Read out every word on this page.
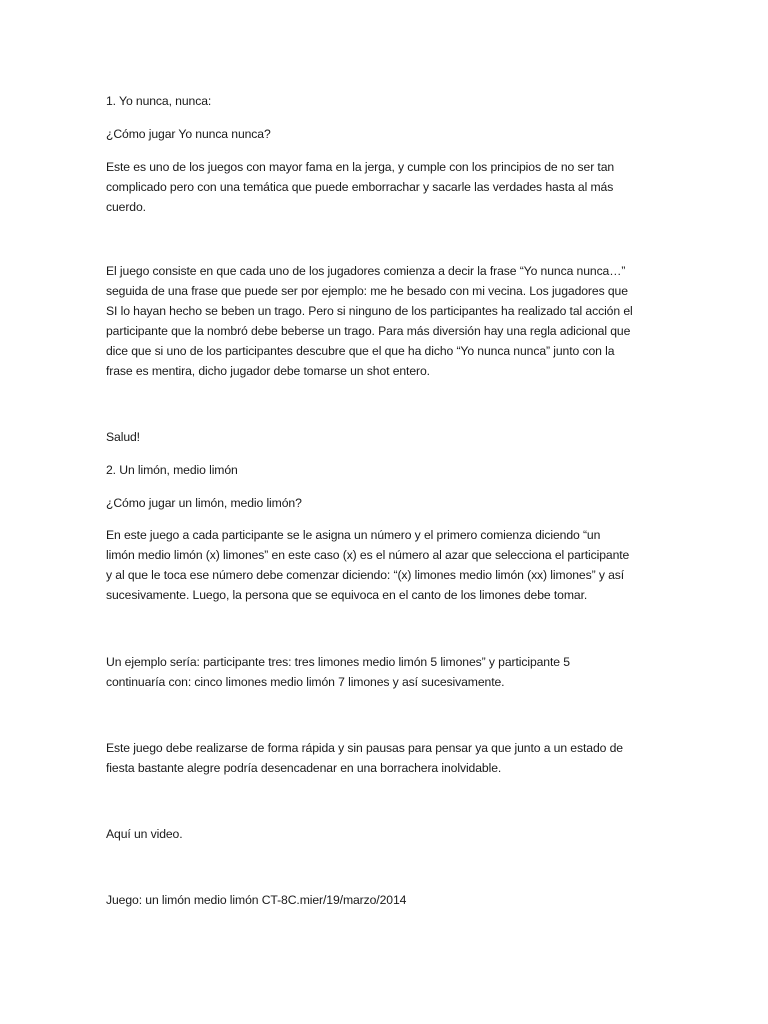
1. Yo nunca, nunca:

¿Cómo jugar Yo nunca nunca?

Este es uno de los juegos con mayor fama en la jerga, y cumple con los principios de no ser tan

complicado pero con una temática que puede emborrachar y sacarle las verdades hasta al más

cuerdo.

El juego consiste en que cada uno de los jugadores comienza a decir la frase “Yo nunca nunca…”

seguida de una frase que puede ser por ejemplo: me he besado con mi vecina. Los jugadores que

SI lo hayan hecho se beben un trago. Pero si ninguno de los participantes ha realizado tal acción el

participante que la nombró debe beberse un trago. Para más diversión hay una regla adicional que

dice que si uno de los participantes descubre que el que ha dicho “Yo nunca nunca” junto con la

frase es mentira, dicho jugador debe tomarse un shot entero.

Salud!

2. Un limón, medio limón

¿Cómo jugar un limón, medio limón?

En este juego a cada participante se le asigna un número y el primero comienza diciendo “un

limón medio limón (x) limones” en este caso (x) es el número al azar que selecciona el participante

y al que le toca ese número debe comenzar diciendo: “(x) limones medio limón (xx) limones” y así

sucesivamente. Luego, la persona que se equivoca en el canto de los limones debe tomar.

Un ejemplo sería: participante tres: tres limones medio limón 5 limones” y participante 5

continuaría con: cinco limones medio limón 7 limones y así sucesivamente.

Este juego debe realizarse de forma rápida y sin pausas para pensar ya que junto a un estado de

fiesta bastante alegre podría desencadenar en una borrachera inolvidable.

Aquí un video.

Juego: un limón medio limón CT-8C.mier/19/marzo/2014
